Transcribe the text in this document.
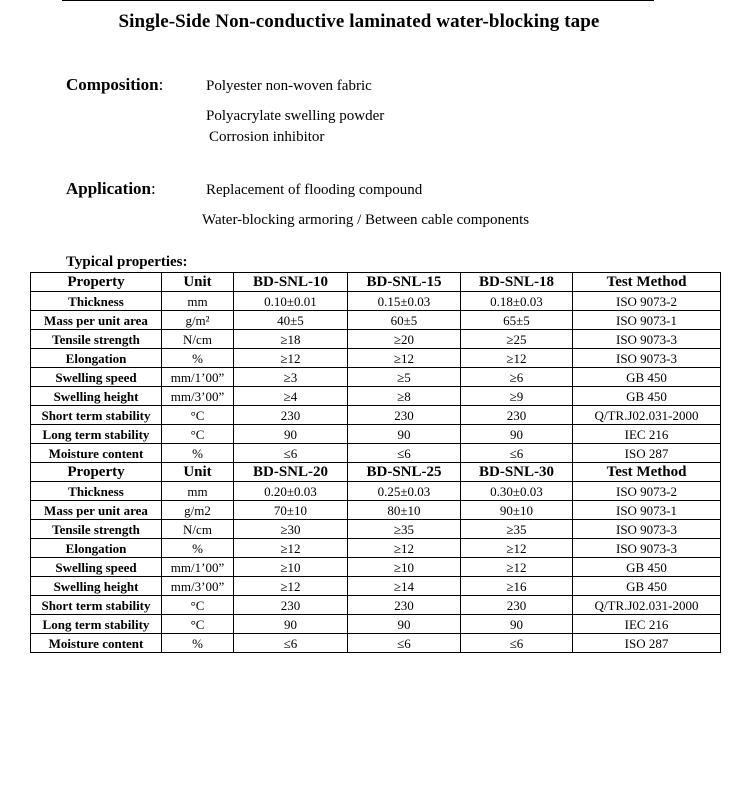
Single-Side Non-conductive laminated water-blocking tape
Composition:	Polyester non-woven fabric
Polyacrylate swelling powder
Corrosion inhibitor
Application:	Replacement of flooding compound
Water-blocking armoring / Between cable components
Typical properties:
Property	Unit	BD-SNL-10	BD-SNL-15	BD-SNL-18	Test Method
Thickness	mm	0.10±0.01	0.15±0.03	0.18±0.03	ISO 9073-2
Mass per unit area	g/m²	40±5	60±5	65±5	ISO 9073-1
Tensile strength	N/cm	≥18	≥20	≥25	ISO 9073-3
Elongation	%	≥12	≥12	≥12	ISO 9073-3
Swelling speed	mm/1’00”	≥3	≥5	≥6	GB 450
Swelling height	mm/3’00”	≥4	≥8	≥9	GB 450
Short term stability	°C	230	230	230	Q/TR.J02.031-2000
Long term stability	°C	90	90	90	IEC 216
Moisture content	%	≤6	≤6	≤6	ISO 287
Property	Unit	BD-SNL-20	BD-SNL-25	BD-SNL-30	Test Method
Thickness	mm	0.20±0.03	0.25±0.03	0.30±0.03	ISO 9073-2
Mass per unit area	g/m2	70±10	80±10	90±10	ISO 9073-1
Tensile strength	N/cm	≥30	≥35	≥35	ISO 9073-3
Elongation	%	≥12	≥12	≥12	ISO 9073-3
Swelling speed	mm/1’00”	≥10	≥10	≥12	GB 450
Swelling height	mm/3’00”	≥12	≥14	≥16	GB 450
Short term stability	°C	230	230	230	Q/TR.J02.031-2000
Long term stability	°C	90	90	90	IEC 216
Moisture content	%	≤6	≤6	≤6	ISO 287
